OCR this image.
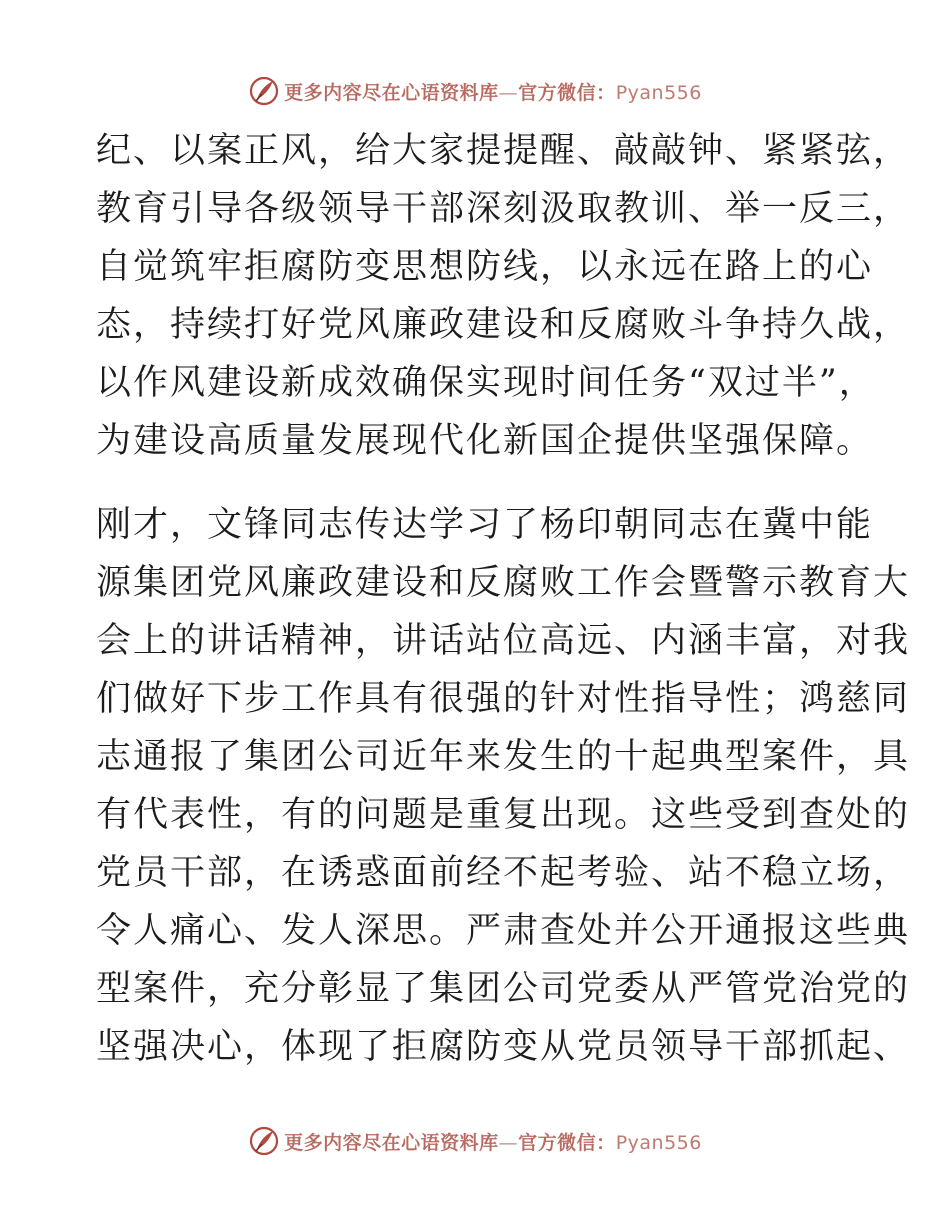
更多内容尽在心语资料库—官方微信：Pyan556
纪、以案正风，给大家提提醒、敲敲钟、紧紧弦，
教育引导各级领导干部深刻汲取教训、举一反三，
自觉筑牢拒腐防变思想防线，以永远在路上的心
态，持续打好党风廉政建设和反腐败斗争持久战，
以作风建设新成效确保实现时间任务“双过半”，
为建设高质量发展现代化新国企提供坚强保障。
刚才，文锋同志传达学习了杨印朝同志在冀中能
源集团党风廉政建设和反腐败工作会暨警示教育大
会上的讲话精神，讲话站位高远、内涵丰富，对我
们做好下步工作具有很强的针对性指导性；鸿慈同
志通报了集团公司近年来发生的十起典型案件，具
有代表性，有的问题是重复出现。这些受到查处的
党员干部，在诱惑面前经不起考验、站不稳立场，
令人痛心、发人深思。严肃查处并公开通报这些典
型案件，充分彰显了集团公司党委从严管党治党的
坚强决心，体现了拒腐防变从党员领导干部抓起、
更多内容尽在心语资料库—官方微信：Pyan556
